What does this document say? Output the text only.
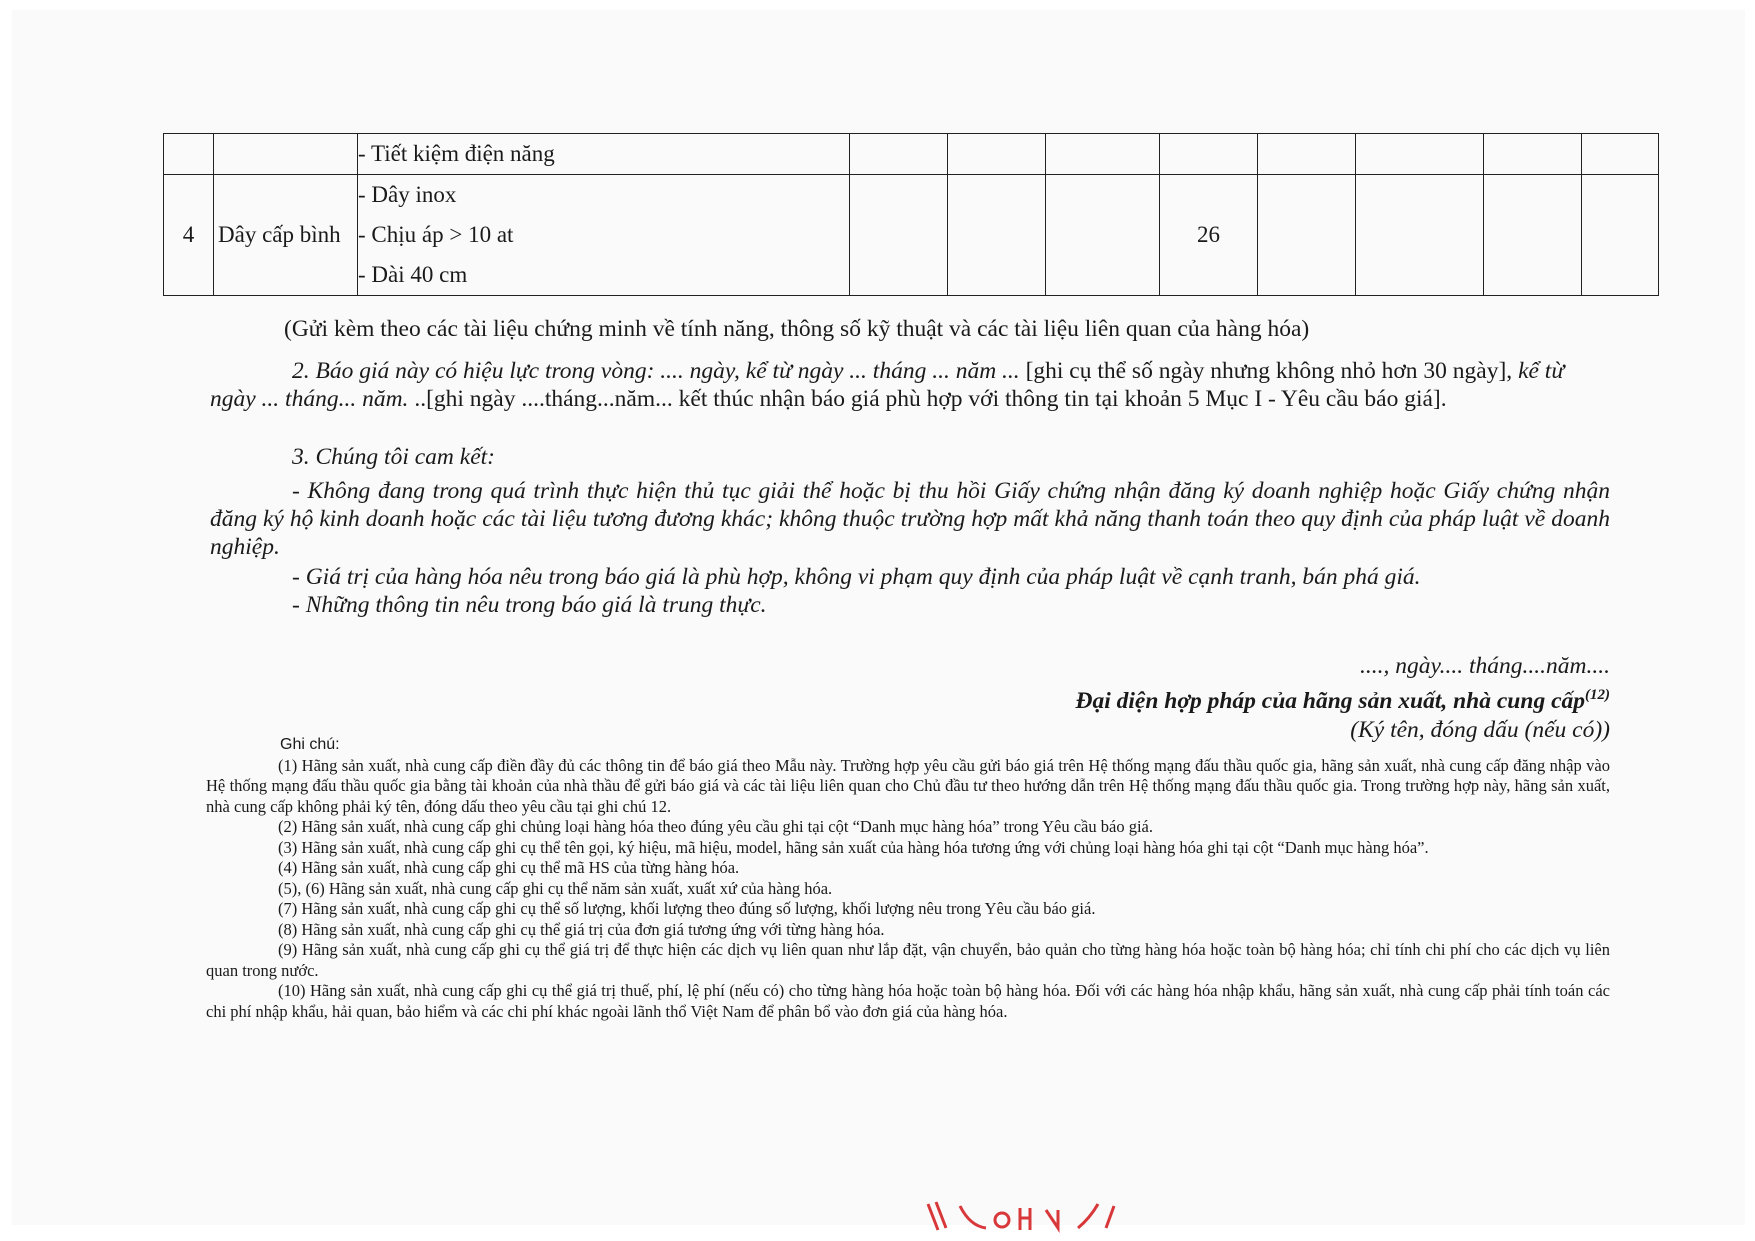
		- Tiết kiệm điện năng								

4	Dây cấp bình	- Dây inox
- Chịu áp > 10 at
- Dài 40 cm				26				

(Gửi kèm theo các tài liệu chứng minh về tính năng, thông số kỹ thuật và các tài liệu liên quan của hàng hóa)

2. Báo giá này có hiệu lực trong vòng: .... ngày, kể từ ngày ... tháng ... năm ... [ghi cụ thể số ngày nhưng không nhỏ hơn 30 ngày], kể từ ngày ... tháng... năm. ..[ghi ngày ....tháng...năm... kết thúc nhận báo giá phù hợp với thông tin tại khoản 5 Mục I - Yêu cầu báo giá].

3. Chúng tôi cam kết:

- Không đang trong quá trình thực hiện thủ tục giải thể hoặc bị thu hồi Giấy chứng nhận đăng ký doanh nghiệp hoặc Giấy chứng nhận đăng ký hộ kinh doanh hoặc các tài liệu tương đương khác; không thuộc trường hợp mất khả năng thanh toán theo quy định của pháp luật về doanh nghiệp.

- Giá trị của hàng hóa nêu trong báo giá là phù hợp, không vi phạm quy định của pháp luật về cạnh tranh, bán phá giá.

- Những thông tin nêu trong báo giá là trung thực.

...., ngày.... tháng....năm....
Đại diện hợp pháp của hãng sản xuất, nhà cung cấp$^{(12)}$
(Ký tên, đóng dấu (nếu có))
Ghi chú:

(1) Hãng sản xuất, nhà cung cấp điền đầy đủ các thông tin để báo giá theo Mẫu này. Trường hợp yêu cầu gửi báo giá trên Hệ thống mạng đấu thầu quốc gia, hãng sản xuất, nhà cung cấp đăng nhập vào Hệ thống mạng đấu thầu quốc gia bằng tài khoản của nhà thầu để gửi báo giá và các tài liệu liên quan cho Chủ đầu tư theo hướng dẫn trên Hệ thống mạng đấu thầu quốc gia. Trong trường hợp này, hãng sản xuất, nhà cung cấp không phải ký tên, đóng dấu theo yêu cầu tại ghi chú 12.

(2) Hãng sản xuất, nhà cung cấp ghi chủng loại hàng hóa theo đúng yêu cầu ghi tại cột “Danh mục hàng hóa” trong Yêu cầu báo giá.

(3) Hãng sản xuất, nhà cung cấp ghi cụ thể tên gọi, ký hiệu, mã hiệu, model, hãng sản xuất của hàng hóa tương ứng với chủng loại hàng hóa ghi tại cột “Danh mục hàng hóa”.

(4) Hãng sản xuất, nhà cung cấp ghi cụ thể mã HS của từng hàng hóa.

(5), (6) Hãng sản xuất, nhà cung cấp ghi cụ thể năm sản xuất, xuất xứ của hàng hóa.

(7) Hãng sản xuất, nhà cung cấp ghi cụ thể số lượng, khối lượng theo đúng số lượng, khối lượng nêu trong Yêu cầu báo giá.

(8) Hãng sản xuất, nhà cung cấp ghi cụ thể giá trị của đơn giá tương ứng với từng hàng hóa.

(9) Hãng sản xuất, nhà cung cấp ghi cụ thể giá trị để thực hiện các dịch vụ liên quan như lắp đặt, vận chuyển, bảo quản cho từng hàng hóa hoặc toàn bộ hàng hóa; chỉ tính chi phí cho các dịch vụ liên quan trong nước.

(10) Hãng sản xuất, nhà cung cấp ghi cụ thể giá trị thuế, phí, lệ phí (nếu có) cho từng hàng hóa hoặc toàn bộ hàng hóa. Đối với các hàng hóa nhập khẩu, hãng sản xuất, nhà cung cấp phải tính toán các chi phí nhập khẩu, hải quan, bảo hiểm và các chi phí khác ngoài lãnh thổ Việt Nam để phân bổ vào đơn giá của hàng hóa.
